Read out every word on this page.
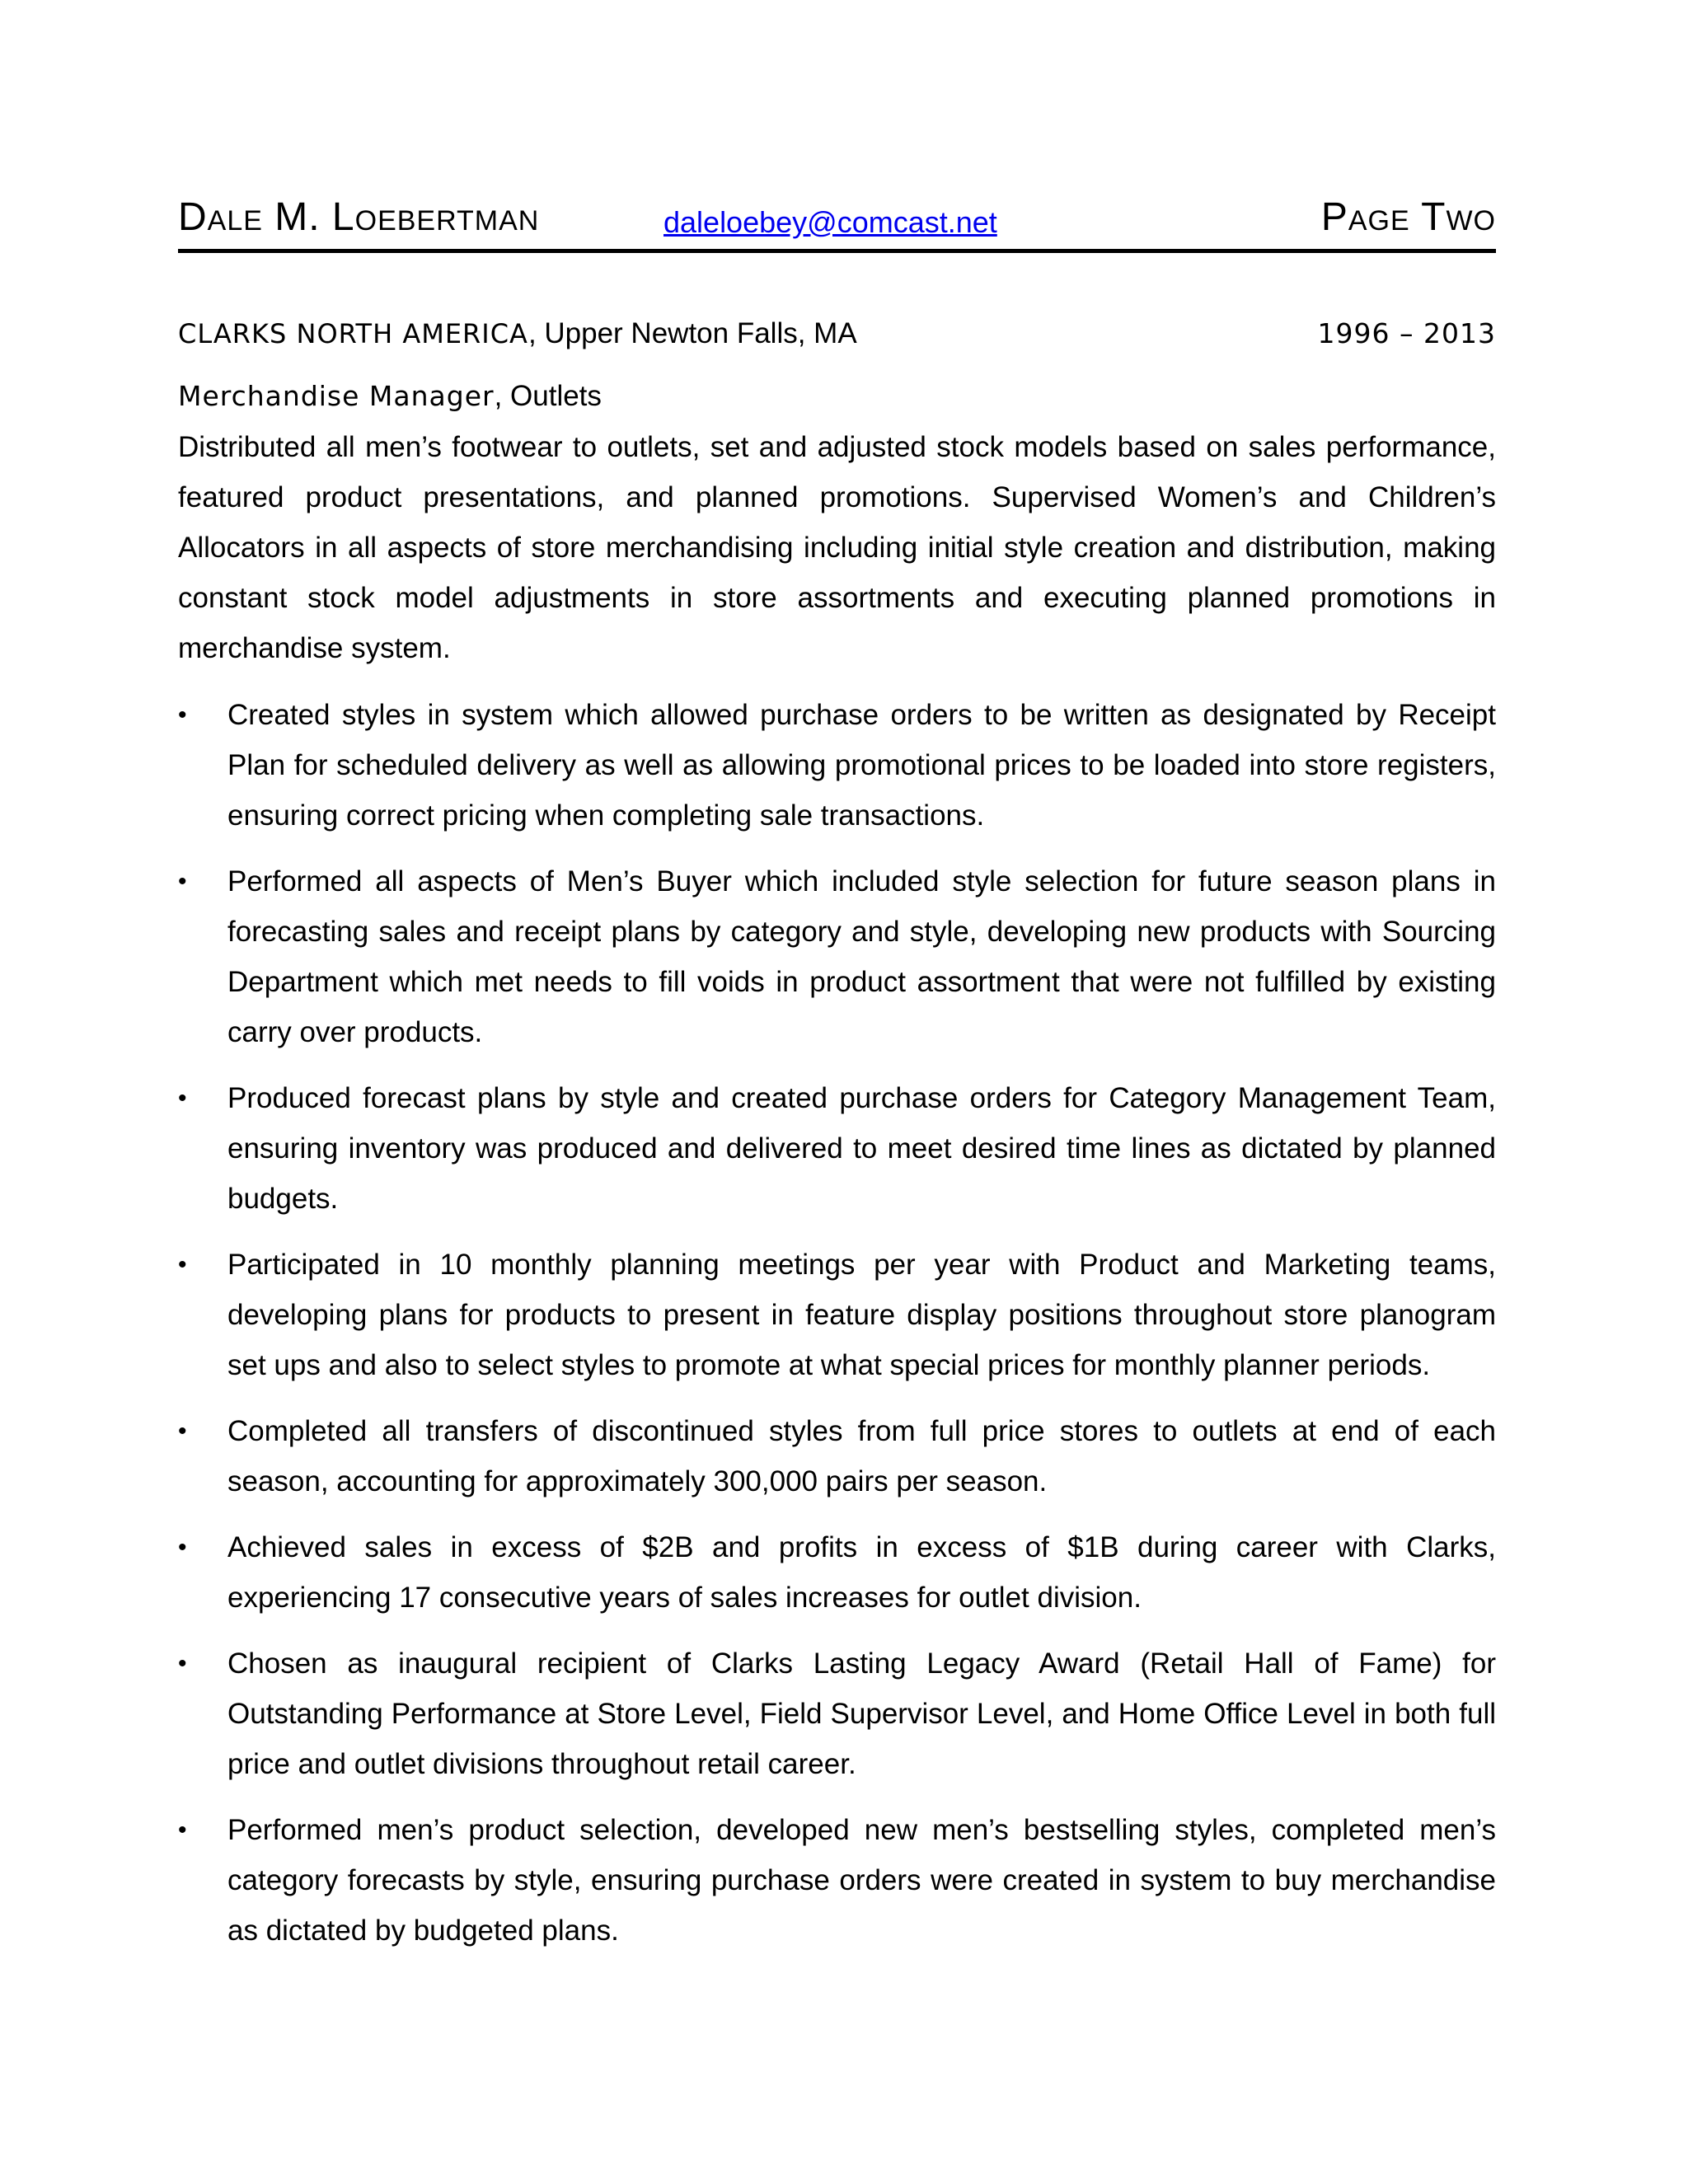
Dale M. Loebertman	daleloebey@comcast.net	Page Two
CLARKS NORTH AMERICA, Upper Newton Falls, MA	1996 – 2013
Merchandise Manager, Outlets

Distributed all men’s footwear to outlets, set and adjusted stock models based on sales performance, featured product presentations, and planned promotions. Supervised Women’s and Children’s Allocators in all aspects of store merchandising including initial style creation and distribution, making constant stock model adjustments in store assortments and executing planned promotions in merchandise system.

• Created styles in system which allowed purchase orders to be written as designated by Receipt Plan for scheduled delivery as well as allowing promotional prices to be loaded into store registers, ensuring correct pricing when completing sale transactions.
• Performed all aspects of Men’s Buyer which included style selection for future season plans in forecasting sales and receipt plans by category and style, developing new products with Sourcing Department which met needs to fill voids in product assortment that were not fulfilled by existing carry over products.
• Produced forecast plans by style and created purchase orders for Category Management Team, ensuring inventory was produced and delivered to meet desired time lines as dictated by planned budgets.
• Participated in 10 monthly planning meetings per year with Product and Marketing teams, developing plans for products to present in feature display positions throughout store planogram set ups and also to select styles to promote at what special prices for monthly planner periods.
• Completed all transfers of discontinued styles from full price stores to outlets at end of each season, accounting for approximately 300,000 pairs per season.
• Achieved sales in excess of $2B and profits in excess of $1B during career with Clarks, experiencing 17 consecutive years of sales increases for outlet division.
• Chosen as inaugural recipient of Clarks Lasting Legacy Award (Retail Hall of Fame) for Outstanding Performance at Store Level, Field Supervisor Level, and Home Office Level in both full price and outlet divisions throughout retail career.
• Performed men’s product selection, developed new men’s bestselling styles, completed men’s category forecasts by style, ensuring purchase orders were created in system to buy merchandise as dictated by budgeted plans.
